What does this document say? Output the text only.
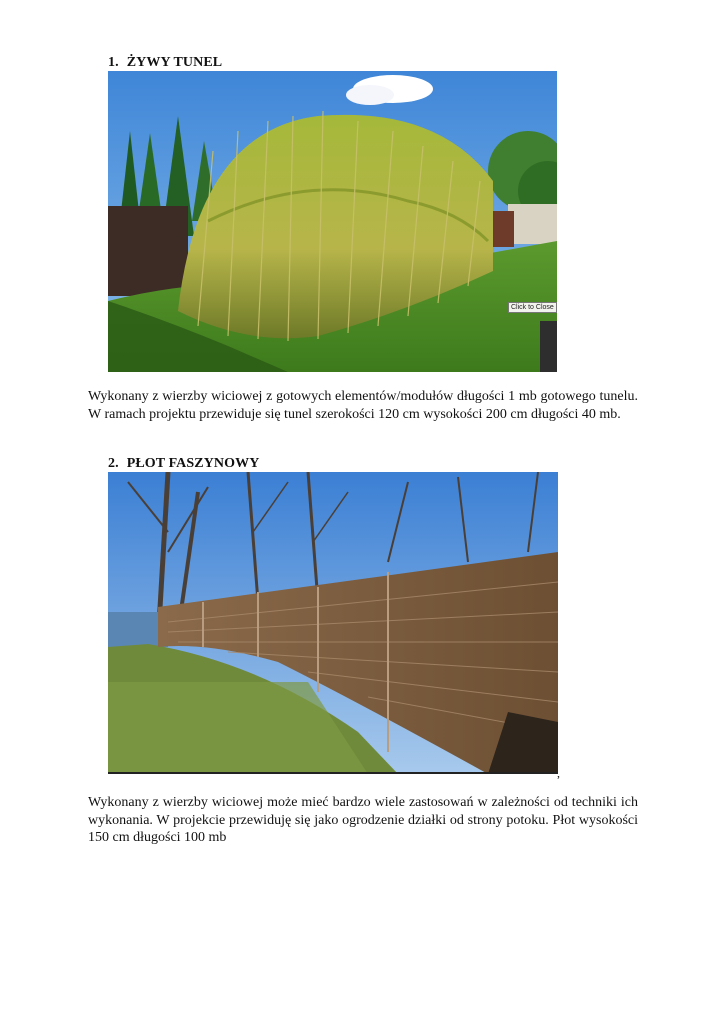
1. ŻYWY TUNEL
Click to Close

Wykonany z wierzby wiciowej z gotowych elementów/modułów długości 1 mb gotowego tunelu. W ramach projektu przewiduje się tunel szerokości 120 cm wysokości 200 cm długości 40 mb.

2. PŁOT FASZYNOWY
,

Wykonany z wierzby wiciowej może mieć bardzo wiele zastosowań w zależności od techniki ich wykonania. W projekcie przewiduję się jako ogrodzenie działki od strony potoku. Płot wysokości 150 cm długości 100 mb
